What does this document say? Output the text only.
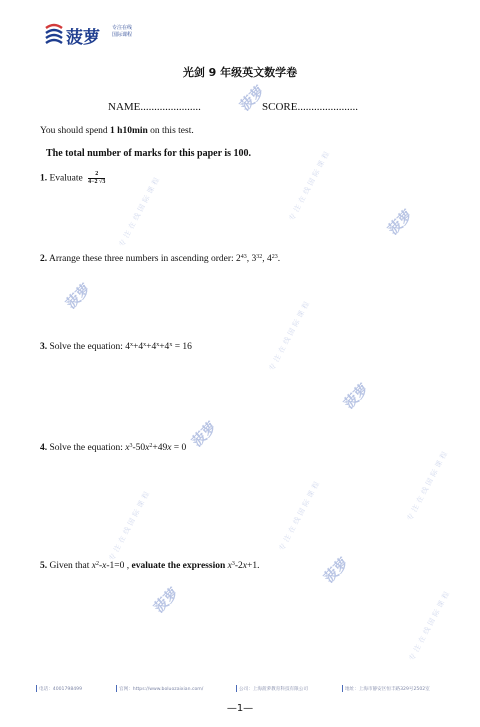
菠萝 专注在线
国际课程
菠萝
菠萝
菠萝
菠萝
菠萝
菠萝
菠萝
专注在线国际课程	专注在线国际课程
专注在线国际课程
专注在线国际课程	专注在线国际课程	专注在线国际课程
专注在线国际课程
光剑 9 年级英文数学卷
NAME......................	SCORE......................
You should spend 1 h10min on this test.
The total number of marks for this paper is 100.
1. Evaluate $\frac{2}{4-2 √3}$
2. Arrange these three numbers in ascending order: $2^{43}$, $3^{32}$, $4^{23}$.
3. Solve the equation: $4^x+4^x+4^x+4^x = 16$
4. Solve the equation: $x^3-50x^2+49x = 0$
5. Given that $x^2-x-1=0$ , evaluate the expression $x^3-2x+1$.
电话：4001798499	官网：https://www.boluozaixian.com/	公司：上海菠萝教育科技有限公司	地址：上海市静安区恒丰路329号2502室
—1—
